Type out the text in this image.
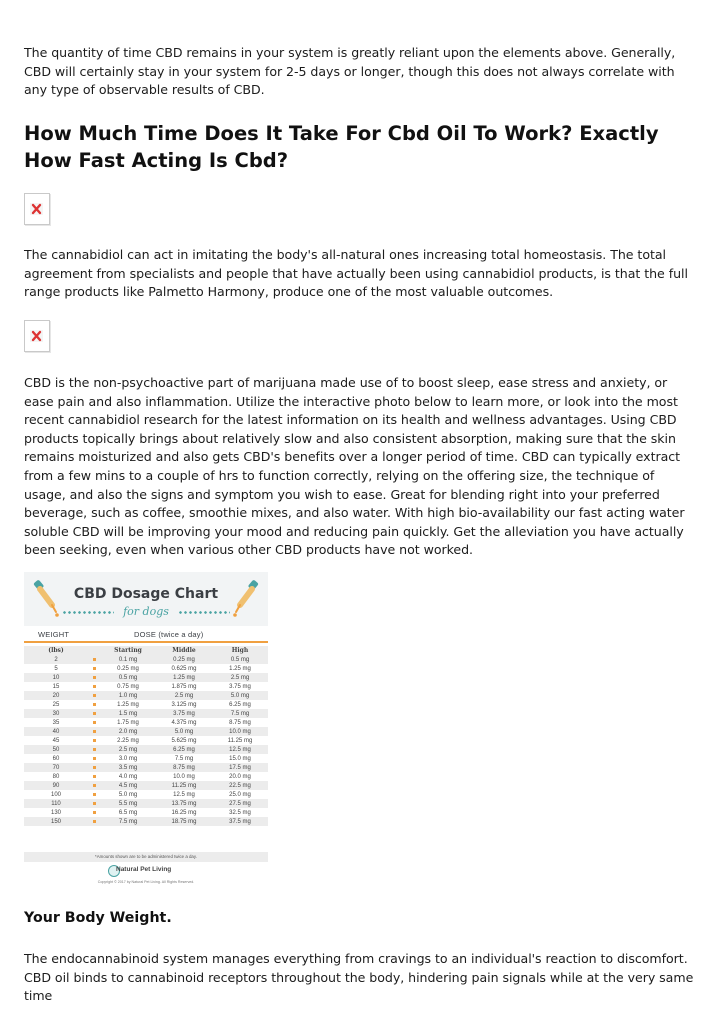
The quantity of time CBD remains in your system is greatly reliant upon the elements above. Generally, CBD will certainly stay in your system for 2-5 days or longer, though this does not always correlate with any type of observable results of CBD.

How Much Time Does It Take For Cbd Oil To Work? Exactly How Fast Acting Is Cbd?

The cannabidiol can act in imitating the body's all-natural ones increasing total homeostasis. The total agreement from specialists and people that have actually been using cannabidiol products, is that the full range products like Palmetto Harmony, produce one of the most valuable outcomes.

CBD is the non-psychoactive part of marijuana made use of to boost sleep, ease stress and anxiety, or ease pain and also inflammation. Utilize the interactive photo below to learn more, or look into the most recent cannabidiol research for the latest information on its health and wellness advantages. Using CBD products topically brings about relatively slow and also consistent absorption, making sure that the skin remains moisturized and also gets CBD's benefits over a longer period of time. CBD can typically extract from a few mins to a couple of hrs to function correctly, relying on the offering size, the technique of usage, and also the signs and symptom you wish to ease. Great for blending right into your preferred beverage, such as coffee, smoothie mixes, and also water. With high bio-availability our fast acting water soluble CBD will be improving your mood and reducing pain quickly. Get the alleviation you have actually been seeking, even when various other CBD products have not worked.

Your Body Weight.

The endocannabinoid system manages everything from cravings to an individual's reaction to discomfort. CBD oil binds to cannabinoid receptors throughout the body, hindering pain signals while at the very same time

CBD Dosage Chart
for dogs
WEIGHT	DOSE (twice a day)
(lbs)		Starting	Middle	High
2		0.1 mg	0.25 mg	0.5 mg
5		0.25 mg	0.625 mg	1.25 mg
10		0.5 mg	1.25 mg	2.5 mg
15		0.75 mg	1.875 mg	3.75 mg
20		1.0 mg	2.5 mg	5.0 mg
25		1.25 mg	3.125 mg	6.25 mg
30		1.5 mg	3.75 mg	7.5 mg
35		1.75 mg	4.375 mg	8.75 mg
40		2.0 mg	5.0 mg	10.0 mg
45		2.25 mg	5.625 mg	11.25 mg
50		2.5 mg	6.25 mg	12.5 mg
60		3.0 mg	7.5 mg	15.0 mg
70		3.5 mg	8.75 mg	17.5 mg
80		4.0 mg	10.0 mg	20.0 mg
90		4.5 mg	11.25 mg	22.5 mg
100		5.0 mg	12.5 mg	25.0 mg
110		5.5 mg	13.75 mg	27.5 mg
130		6.5 mg	16.25 mg	32.5 mg
150		7.5 mg	18.75 mg	37.5 mg
*Amounts shown are to be administered twice a day.
Natural Pet Living
Copyright © 2017 by Natural Pet Living. All Rights Reserved.
